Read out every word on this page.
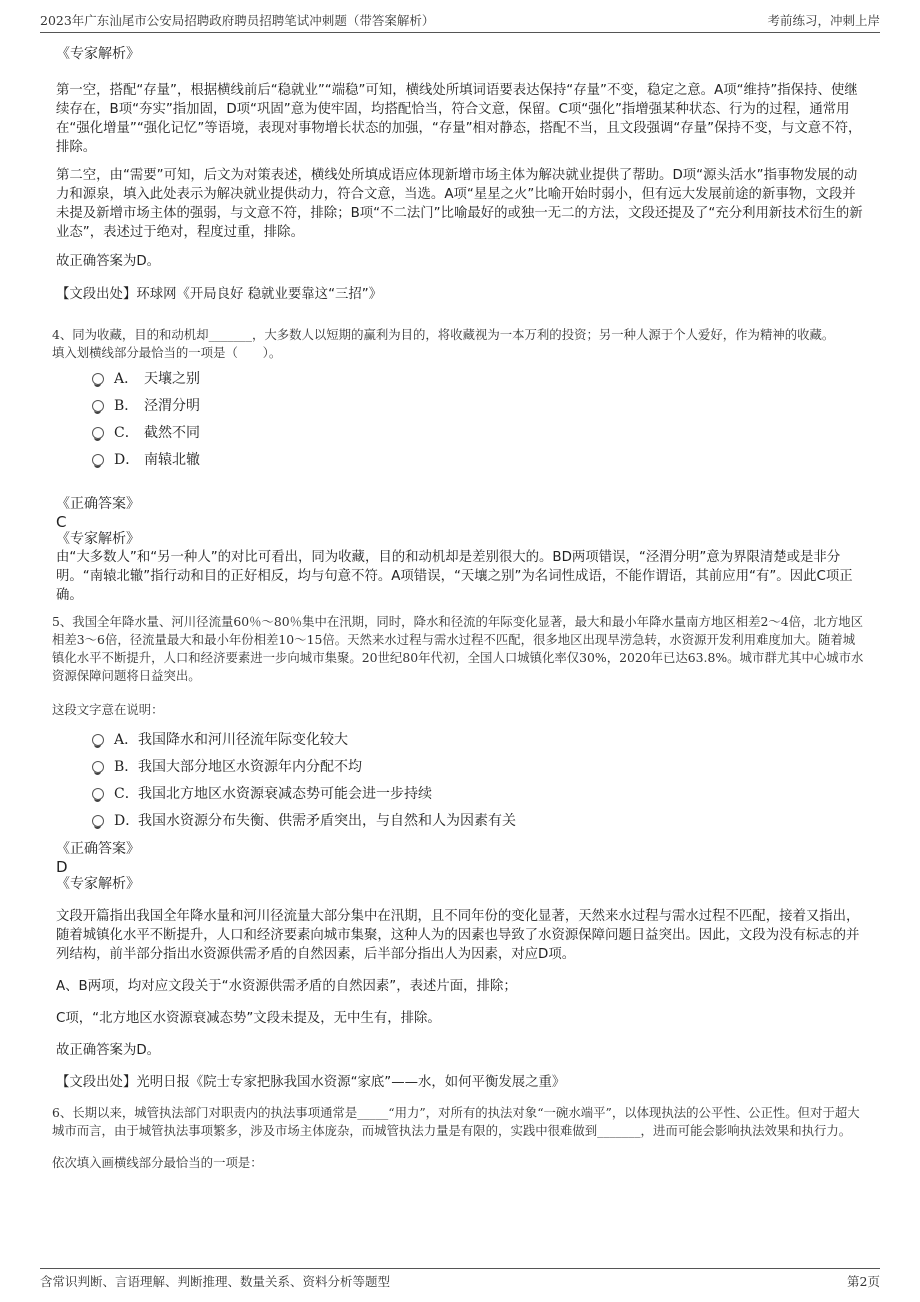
2023年广东汕尾市公安局招聘政府聘员招聘笔试冲刺题（带答案解析）	考前练习，冲刺上岸

《专家解析》

第一空，搭配“存量”，根据横线前后“稳就业”“端稳”可知，横线处所填词语要表达保持“存量”不变，稳定之意。A项“维持”指保持、使继续存在，B项“夯实”指加固，D项“巩固”意为使牢固，均搭配恰当，符合文意，保留。C项“强化”指增强某种状态、行为的过程，通常用在“强化增量”“强化记忆”等语境，表现对事物增长状态的加强，“存量”相对静态，搭配不当，且文段强调“存量”保持不变，与文意不符，排除。

第二空，由“需要”可知，后文为对策表述，横线处所填成语应体现新增市场主体为解决就业提供了帮助。D项“源头活水”指事物发展的动力和源泉，填入此处表示为解决就业提供动力，符合文意，当选。A项“星星之火”比喻开始时弱小，但有远大发展前途的新事物，文段并未提及新增市场主体的强弱，与文意不符，排除；B项“不二法门”比喻最好的或独一无二的方法，文段还提及了“充分利用新技术衍生的新业态”，表述过于绝对，程度过重，排除。

故正确答案为D。

【文段出处】环球网《开局良好 稳就业要靠这“三招”》

4、同为收藏，目的和动机却_______，大多数人以短期的赢利为目的，将收藏视为一本万利的投资；另一种人源于个人爱好，作为精神的收藏。

填入划横线部分最恰当的一项是（　　）。

A． 天壤之别
B． 泾渭分明
C． 截然不同
D． 南辕北辙

《正确答案》

C

《专家解析》

由“大多数人”和“另一种人”的对比可看出，同为收藏，目的和动机却是差别很大的。BD两项错误，“泾渭分明”意为界限清楚或是非分明。“南辕北辙”指行动和目的正好相反，均与句意不符。A项错误，“天壤之别”为名词性成语，不能作谓语，其前应用“有”。因此C项正确。

5、我国全年降水量、河川径流量60％～80％集中在汛期，同时，降水和径流的年际变化显著，最大和最小年降水量南方地区相差2～4倍，北方地区相差3～6倍，径流量最大和最小年份相差10～15倍。天然来水过程与需水过程不匹配，很多地区出现旱涝急转，水资源开发利用难度加大。随着城镇化水平不断提升，人口和经济要素进一步向城市集聚。20世纪80年代初，全国人口城镇化率仅30%，2020年已达63.8%。城市群尤其中心城市水资源保障问题将日益突出。

这段文字意在说明：

A． 我国降水和河川径流年际变化较大
B． 我国大部分地区水资源年内分配不均
C． 我国北方地区水资源衰减态势可能会进一步持续
D．
我国水资源分布失衡、供需矛盾突出，与自然和人为因素有关

《正确答案》

D

《专家解析》

文段开篇指出我国全年降水量和河川径流量大部分集中在汛期，且不同年份的变化显著，天然来水过程与需水过程不匹配，接着又指出，随着城镇化水平不断提升，人口和经济要素向城市集聚，这种人为的因素也导致了水资源保障问题日益突出。因此，文段为没有标志的并列结构，前半部分指出水资源供需矛盾的自然因素，后半部分指出人为因素，对应D项。

A、B两项，均对应文段关于“水资源供需矛盾的自然因素”，表述片面，排除；

C项，“北方地区水资源衰减态势”文段未提及，无中生有，排除。

故正确答案为D。

【文段出处】光明日报《院士专家把脉我国水资源“家底”——水，如何平衡发展之重》

6、长期以来，城管执法部门对职责内的执法事项通常是_____“用力”，对所有的执法对象“一碗水端平”，以体现执法的公平性、公正性。但对于超大城市而言，由于城管执法事项繁多，涉及市场主体庞杂，而城管执法力量是有限的，实践中很难做到_______，进而可能会影响执法效果和执行力。

依次填入画横线部分最恰当的一项是：

含常识判断、言语理解、判断推理、数量关系、资料分析等题型	第2页
